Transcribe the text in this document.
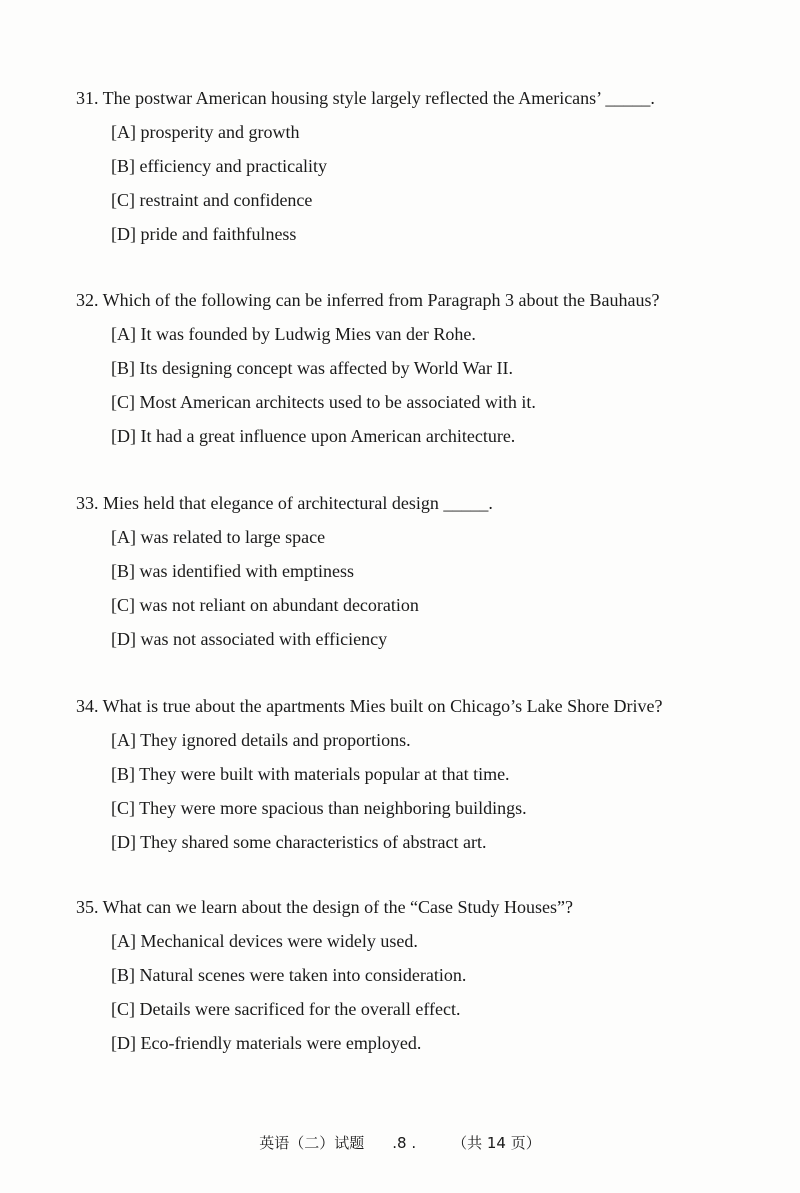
31. The postwar American housing style largely reflected the Americans’ _____.
[A] prosperity and growth
[B] efficiency and practicality
[C] restraint and confidence
[D] pride and faithfulness
32. Which of the following can be inferred from Paragraph 3 about the Bauhaus?
[A] It was founded by Ludwig Mies van der Rohe.
[B] Its designing concept was affected by World War II.
[C] Most American architects used to be associated with it.
[D] It had a great influence upon American architecture.
33. Mies held that elegance of architectural design _____.
[A] was related to large space
[B] was identified with emptiness
[C] was not reliant on abundant decoration
[D] was not associated with efficiency
34. What is true about the apartments Mies built on Chicago’s Lake Shore Drive?
[A] They ignored details and proportions.
[B] They were built with materials popular at that time.
[C] They were more spacious than neighboring buildings.
[D] They shared some characteristics of abstract art.
35. What can we learn about the design of the “Case Study Houses”?
[A] Mechanical devices were widely used.
[B] Natural scenes were taken into consideration.
[C] Details were sacrificed for the overall effect.
[D] Eco-friendly materials were employed.
英语（二）试题 .8 . （共 14 页）
